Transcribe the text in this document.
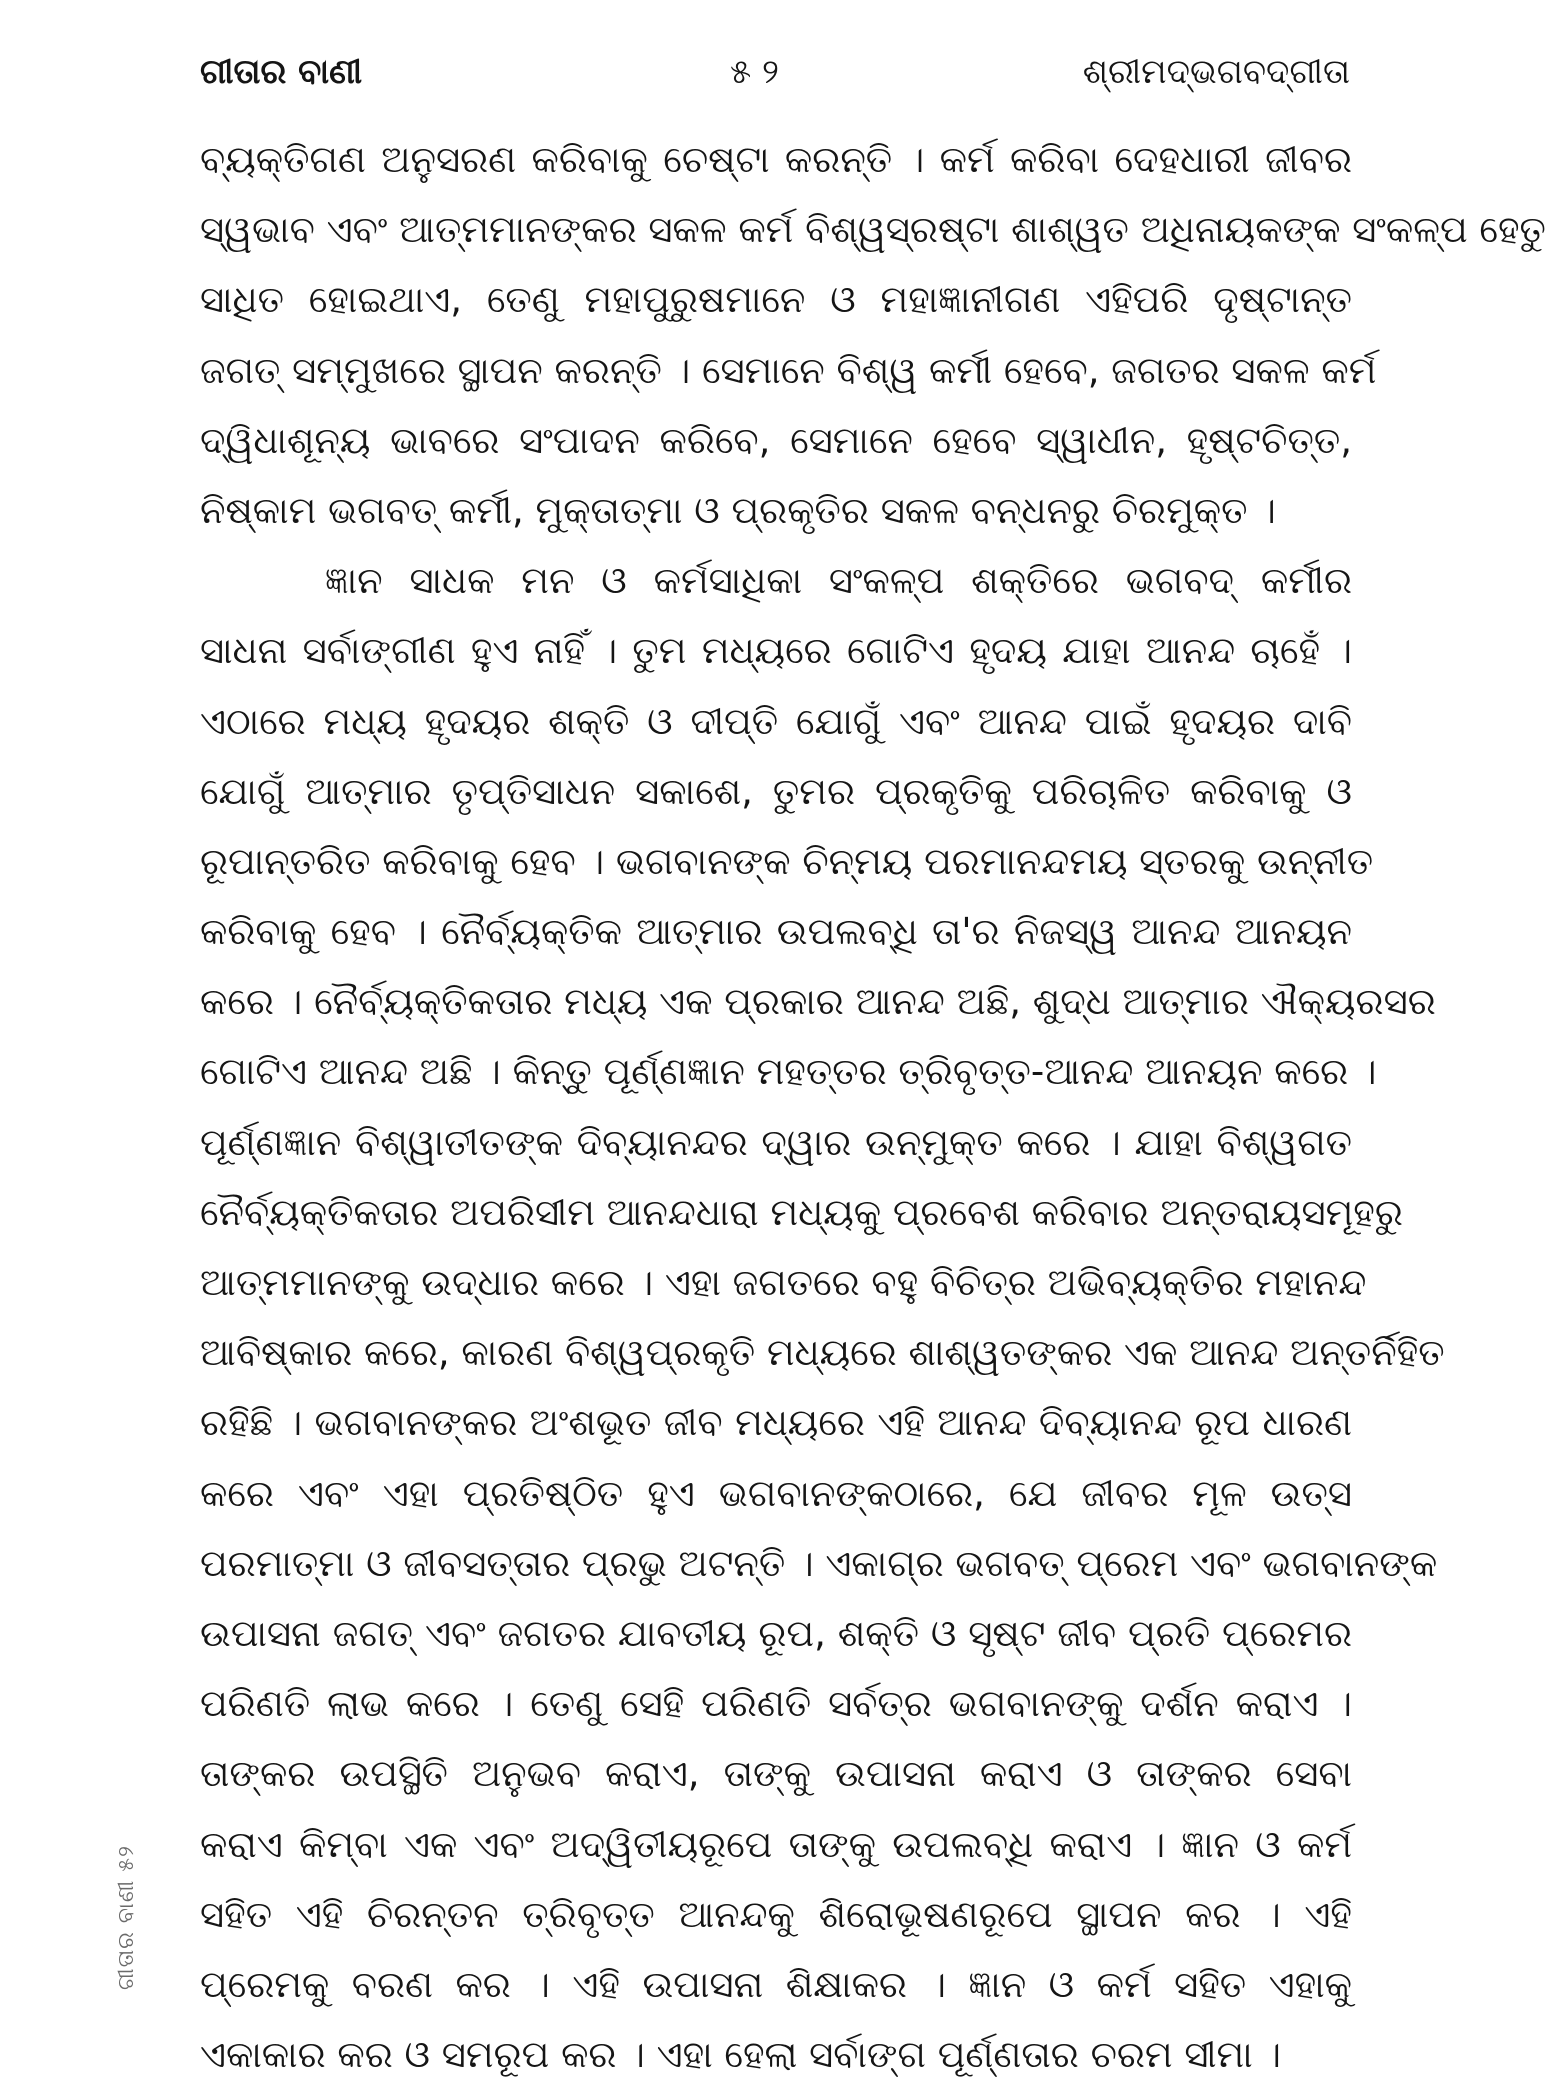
ଗୀତାର ବାଣୀ	୫ ୨	ଶ୍ରୀମଦ୍‌ଭଗବଦ୍‌ଗୀତା
ବ୍ୟକ୍ତିଗଣ ଅନୁସରଣ କରିବାକୁ ଚେଷ୍ଟା କରନ୍ତି । କର୍ମ କରିବା ଦେହଧାରୀ ଜୀବର
ସ୍ୱଭାବ ଏବଂ ଆତ୍ମମାନଙ୍କର ସକଳ କର୍ମ ବିଶ୍ୱସ୍ରଷ୍ଟା ଶାଶ୍ୱତ ଅଧିନାୟକଙ୍କ ସଂକଳ୍ପ ହେତୁ
ସାଧିତ ହୋଇଥାଏ, ତେଣୁ ମହାପୁରୁଷମାନେ ଓ ମହାଜ୍ଞାନୀଗଣ ଏହିପରି ଦୃଷ୍ଟାନ୍ତ
ଜଗତ୍ ସମ୍ମୁଖରେ ସ୍ଥାପନ କରନ୍ତି । ସେମାନେ ବିଶ୍ୱ କର୍ମୀ ହେବେ, ଜଗତର ସକଳ କର୍ମ
ଦ୍ୱିଧାଶୂନ୍ୟ ଭାବରେ ସଂପାଦନ କରିବେ, ସେମାନେ ହେବେ ସ୍ୱାଧୀନ, ହୃଷ୍ଟଚିତ୍ତ,
ନିଷ୍କାମ ଭଗବତ୍ କର୍ମୀ, ମୁକ୍ତାତ୍ମା ଓ ପ୍ରକୃତିର ସକଳ ବନ୍ଧନରୁ ଚିରମୁକ୍ତ ।
ଜ୍ଞାନ ସାଧକ ମନ ଓ କର୍ମସାଧିକା ସଂକଳ୍ପ ଶକ୍ତିରେ ଭଗବଦ୍ କର୍ମୀର
ସାଧନା ସର୍ବାଙ୍ଗୀଣ ହୁଏ ନାହିଁ । ତୁମ ମଧ୍ୟରେ ଗୋଟିଏ ହୃଦୟ ଯାହା ଆନନ୍ଦ ଚାହେଁ ।
ଏଠାରେ ମଧ୍ୟ ହୃଦୟର ଶକ୍ତି ଓ ଦୀପ୍ତି ଯୋଗୁଁ ଏବଂ ଆନନ୍ଦ ପାଇଁ ହୃଦୟର ଦାବି
ଯୋଗୁଁ ଆତ୍ମାର ତୃପ୍ତିସାଧନ ସକାଶେ, ତୁମର ପ୍ରକୃତିକୁ ପରିଚାଳିତ କରିବାକୁ ଓ
ରୂପାନ୍ତରିତ କରିବାକୁ ହେବ । ଭଗବାନଙ୍କ ଚିନ୍ମୟ ପରମାନନ୍ଦମୟ ସ୍ତରକୁ ଉନ୍ନୀତ
କରିବାକୁ ହେବ । ନୈର୍ବ୍ୟକ୍ତିକ ଆତ୍ମାର ଉପଲବ୍ଧି ତା'ର ନିଜସ୍ୱ ଆନନ୍ଦ ଆନୟନ
କରେ । ନୈର୍ବ୍ୟକ୍ତିକତାର ମଧ୍ୟ ଏକ ପ୍ରକାର ଆନନ୍ଦ ଅଛି, ଶୁଦ୍ଧ ଆତ୍ମାର ଐକ୍ୟରସର
ଗୋଟିଏ ଆନନ୍ଦ ଅଛି । କିନ୍ତୁ ପୂର୍ଣ୍ଣଜ୍ଞାନ ମହତ୍ତର ତ୍ରିବୃତ୍ତ-ଆନନ୍ଦ ଆନୟନ କରେ ।
ପୂର୍ଣ୍ଣଜ୍ଞାନ ବିଶ୍ୱାତୀତଙ୍କ ଦିବ୍ୟାନନ୍ଦର ଦ୍ୱାର ଉନ୍ମୁକ୍ତ କରେ । ଯାହା ବିଶ୍ୱଗତ
ନୈର୍ବ୍ୟକ୍ତିକତାର ଅପରିସୀମ ଆନନ୍ଦଧାରା ମଧ୍ୟକୁ ପ୍ରବେଶ କରିବାର ଅନ୍ତରାୟସମୂହରୁ
ଆତ୍ମମାନଙ୍କୁ ଉଦ୍ଧାର କରେ । ଏହା ଜଗତରେ ବହୁ ବିଚିତ୍ର ଅଭିବ୍ୟକ୍ତିର ମହାନନ୍ଦ
ଆବିଷ୍କାର କରେ, କାରଣ ବିଶ୍ୱପ୍ରକୃତି ମଧ୍ୟରେ ଶାଶ୍ୱତଙ୍କର ଏକ ଆନନ୍ଦ ଅନ୍ତର୍ନିହିତ
ରହିଛି । ଭଗବାନଙ୍କର ଅଂଶଭୂତ ଜୀବ ମଧ୍ୟରେ ଏହି ଆନନ୍ଦ ଦିବ୍ୟାନନ୍ଦ ରୂପ ଧାରଣ
କରେ ଏବଂ ଏହା ପ୍ରତିଷ୍ଠିତ ହୁଏ ଭଗବାନଙ୍କଠାରେ, ଯେ ଜୀବର ମୂଳ ଉତ୍ସ
ପରମାତ୍ମା ଓ ଜୀବସତ୍ତାର ପ୍ରଭୁ ଅଟନ୍ତି । ଏକାଗ୍ର ଭଗବତ୍ ପ୍ରେମ ଏବଂ ଭଗବାନଙ୍କ
ଉପାସନା ଜଗତ୍ ଏବଂ ଜଗତର ଯାବତୀୟ ରୂପ, ଶକ୍ତି ଓ ସୃଷ୍ଟ ଜୀବ ପ୍ରତି ପ୍ରେମର
ପରିଣତି ଲାଭ କରେ । ତେଣୁ ସେହି ପରିଣତି ସର୍ବତ୍ର ଭଗବାନଙ୍କୁ ଦର୍ଶନ କରାଏ ।
ତାଙ୍କର ଉପସ୍ଥିତି ଅନୁଭବ କରାଏ, ତାଙ୍କୁ ଉପାସନା କରାଏ ଓ ତାଙ୍କର ସେବା
କରାଏ କିମ୍ବା ଏକ ଏବଂ ଅଦ୍ୱିତୀୟରୂପେ ତାଙ୍କୁ ଉପଲବ୍ଧି କରାଏ । ଜ୍ଞାନ ଓ କର୍ମ
ସହିତ ଏହି ଚିରନ୍ତନ ତ୍ରିବୃତ୍ତ ଆନନ୍ଦକୁ ଶିରୋଭୂଷଣରୂପେ ସ୍ଥାପନ କର । ଏହି
ପ୍ରେମକୁ ବରଣ କର । ଏହି ଉପାସନା ଶିକ୍ଷାକର । ଜ୍ଞାନ ଓ କର୍ମ ସହିତ ଏହାକୁ
ଏକାକାର କର ଓ ସମରୂପ କର । ଏହା ହେଲା ସର୍ବାଙ୍ଗ ପୂର୍ଣ୍ଣତାର ଚରମ ସୀମା ।
ଗୀତାର ବାଣୀ ୫୨
